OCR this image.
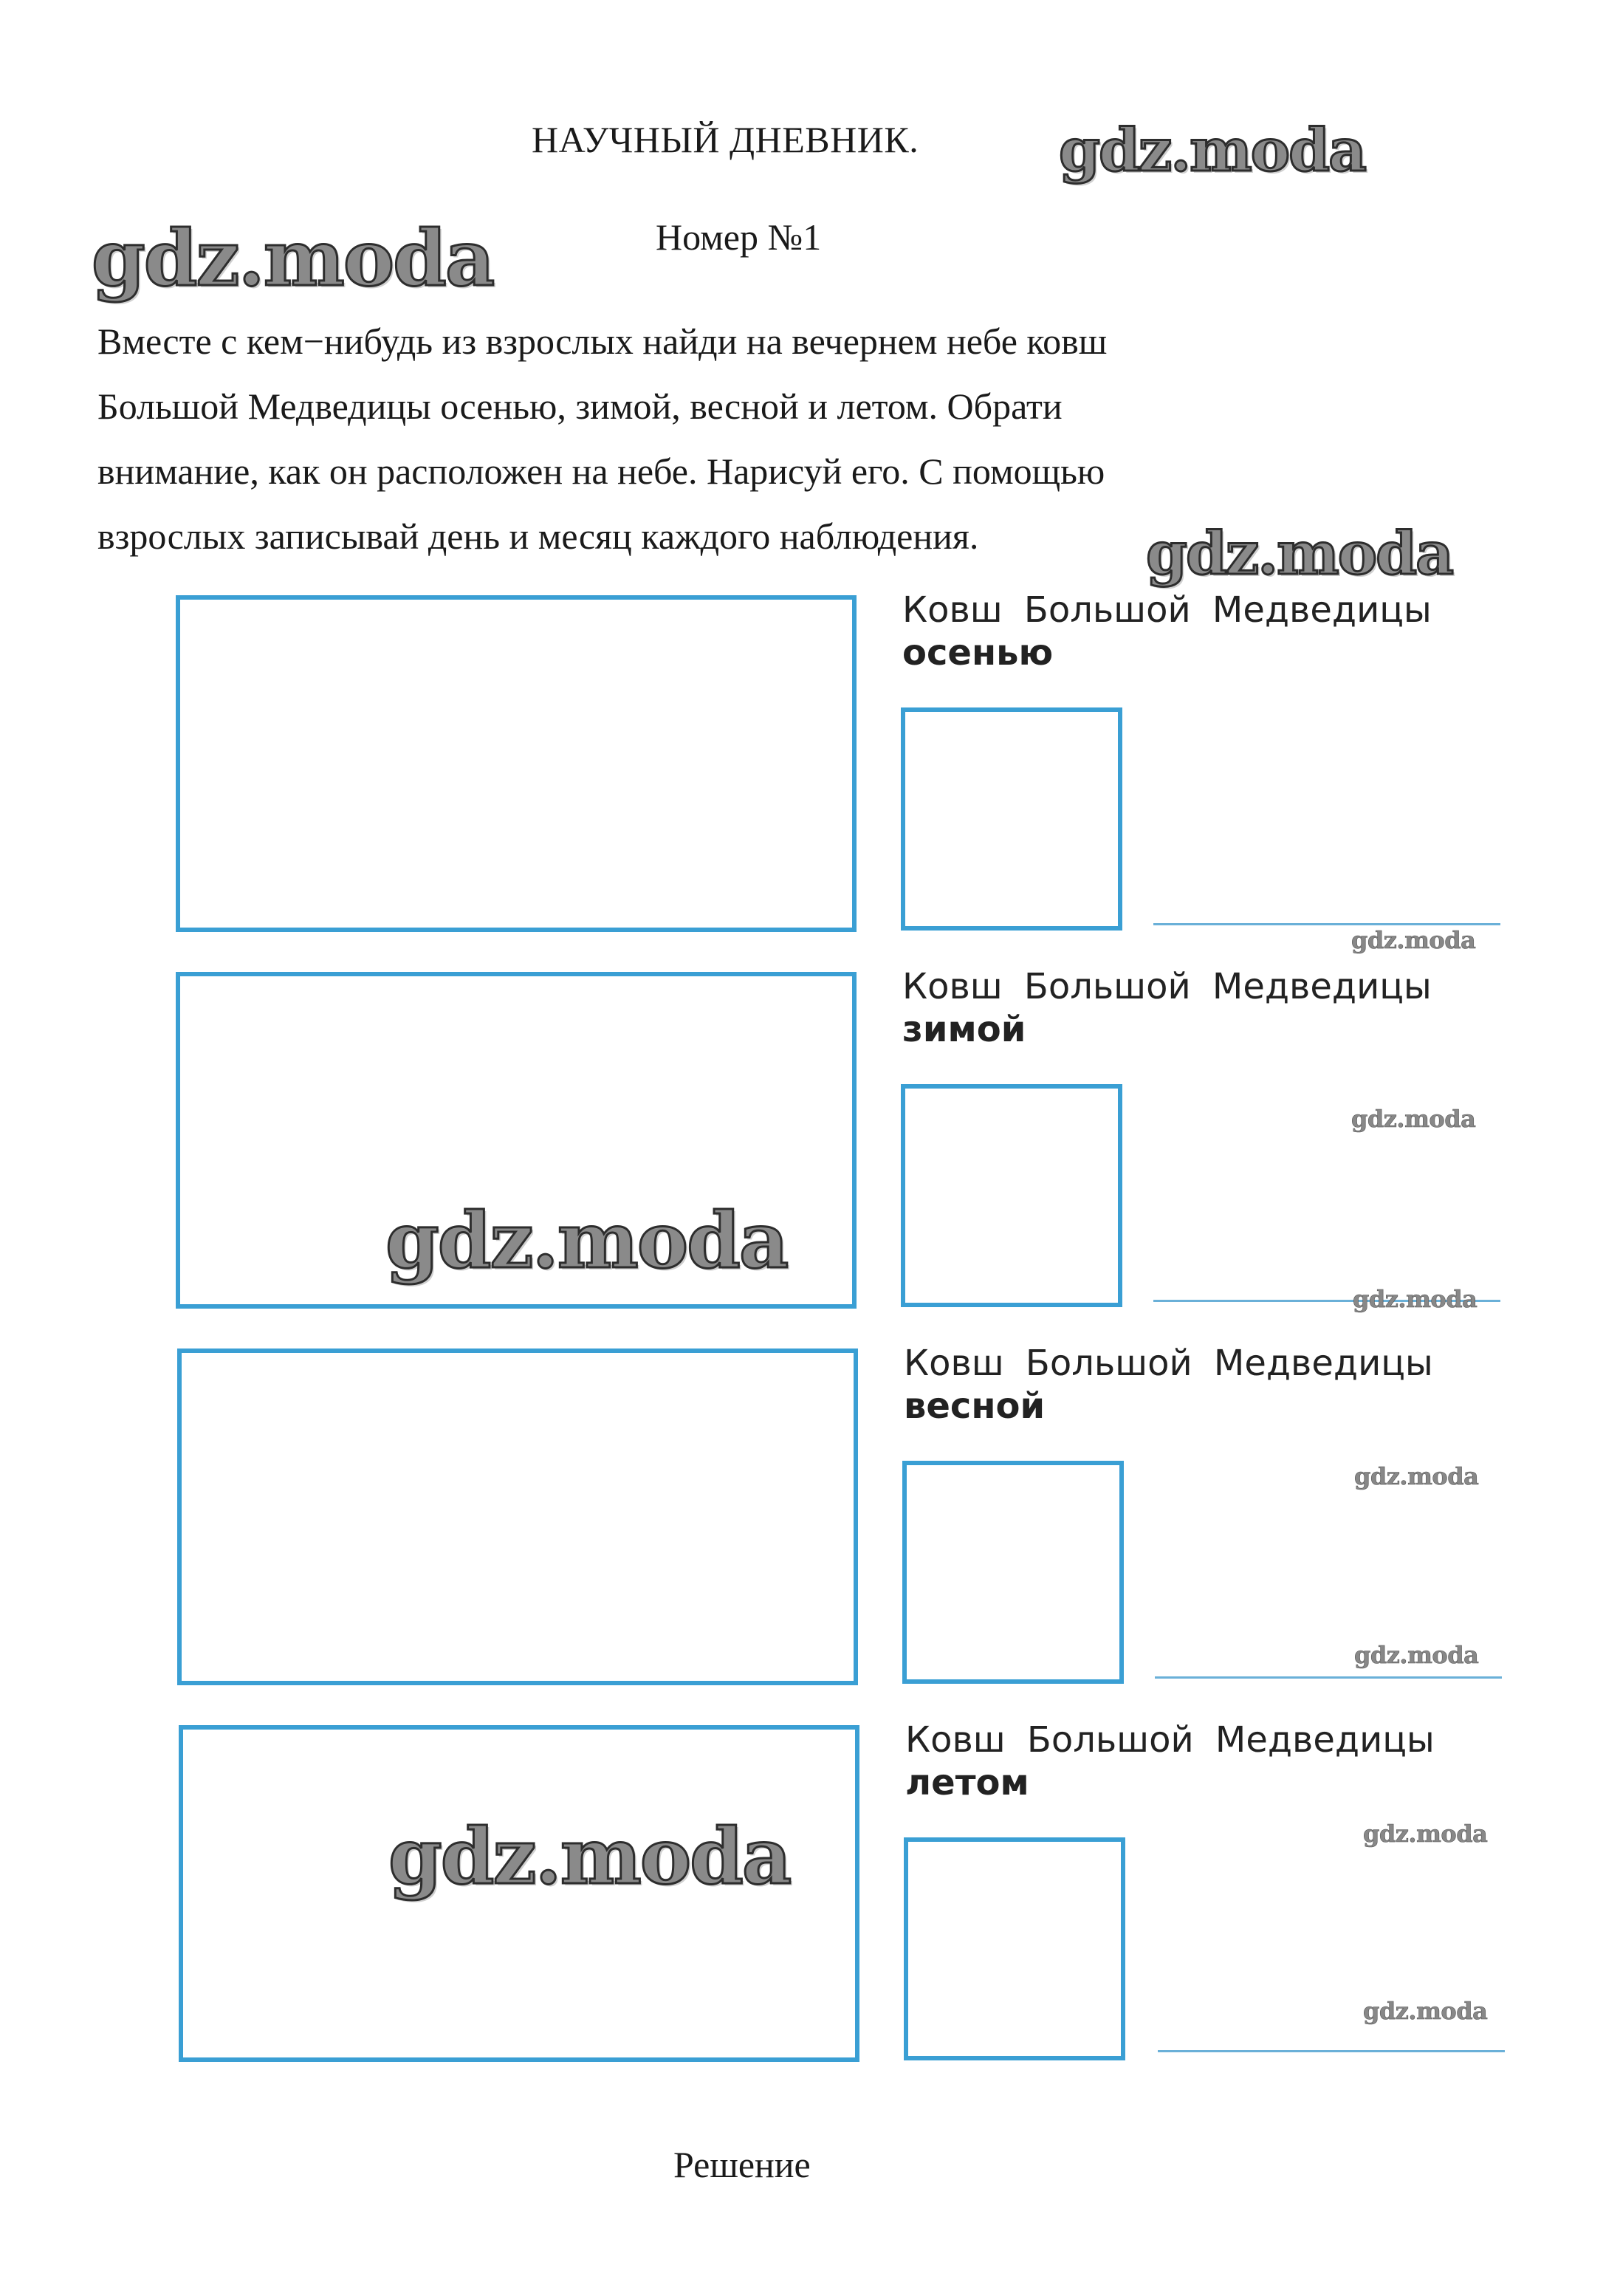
НАУЧНЫЙ ДНЕВНИК.
Номер №1
Вместе с кем−нибудь из взрослых найди на вечернем небе ковш
Большой Медведицы осенью, зимой, весной и летом. Обрати
внимание, как он расположен на небе. Нарисуй его. С помощью
взрослых записывай день и месяц каждого наблюдения.
Ковш Большой Медведицы
осенью
Ковш Большой Медведицы
зимой
Ковш Большой Медведицы
весной
Ковш Большой Медведицы
летом
gdz.moda
gdz.moda
gdz.moda
gdz.moda
gdz.moda
gdz.moda
gdz.moda
gdz.moda
gdz.moda
gdz.moda
gdz.moda
gdz.moda
Решение
